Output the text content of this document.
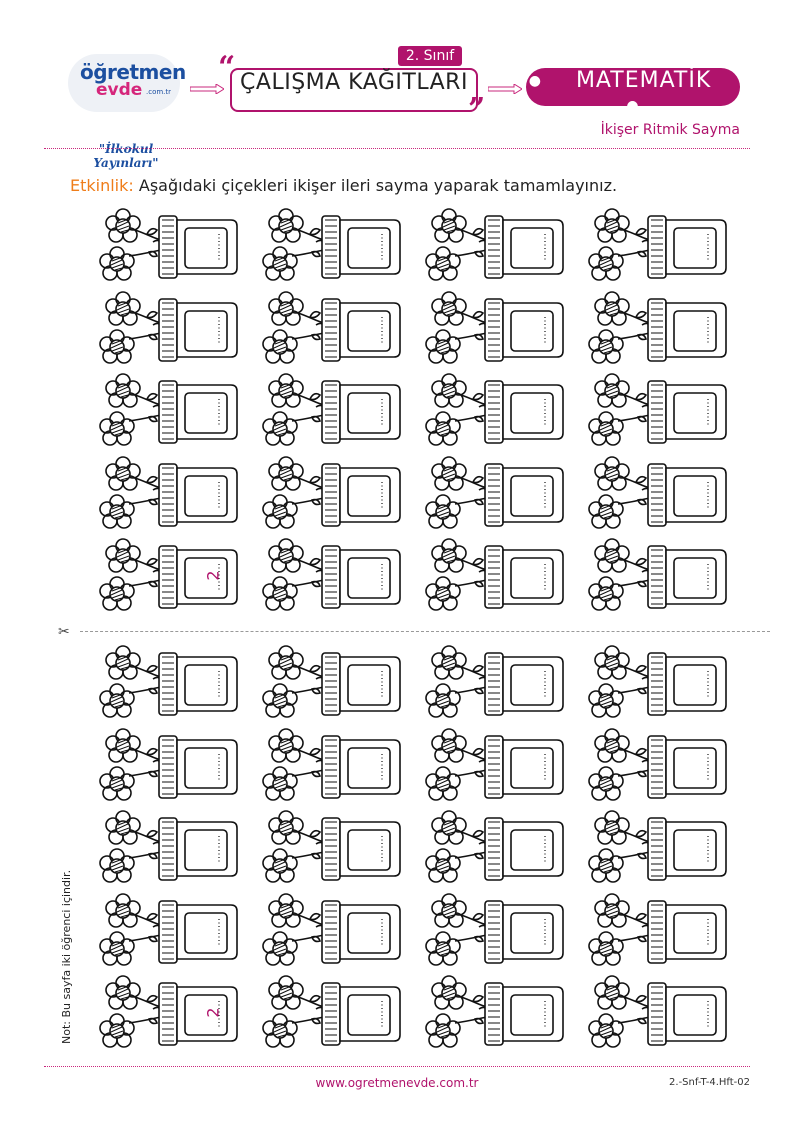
öğretmen
evde .com.tr
"İlkokul Yayınları"
2. Sınıf
“ ÇALIŞMA KAĞITLARI
”
● MATEMATİK ●
İkişer Ritmik Sayma
Etkinlik: Aşağıdaki çiçekleri ikişer ileri sayma yaparak tamamlayınız.
2
2
✂
Not: Bu sayfa iki öğrenci içindir.
www.ogretmenevde.com.tr	2.-Snf-T-4.Hft-02
